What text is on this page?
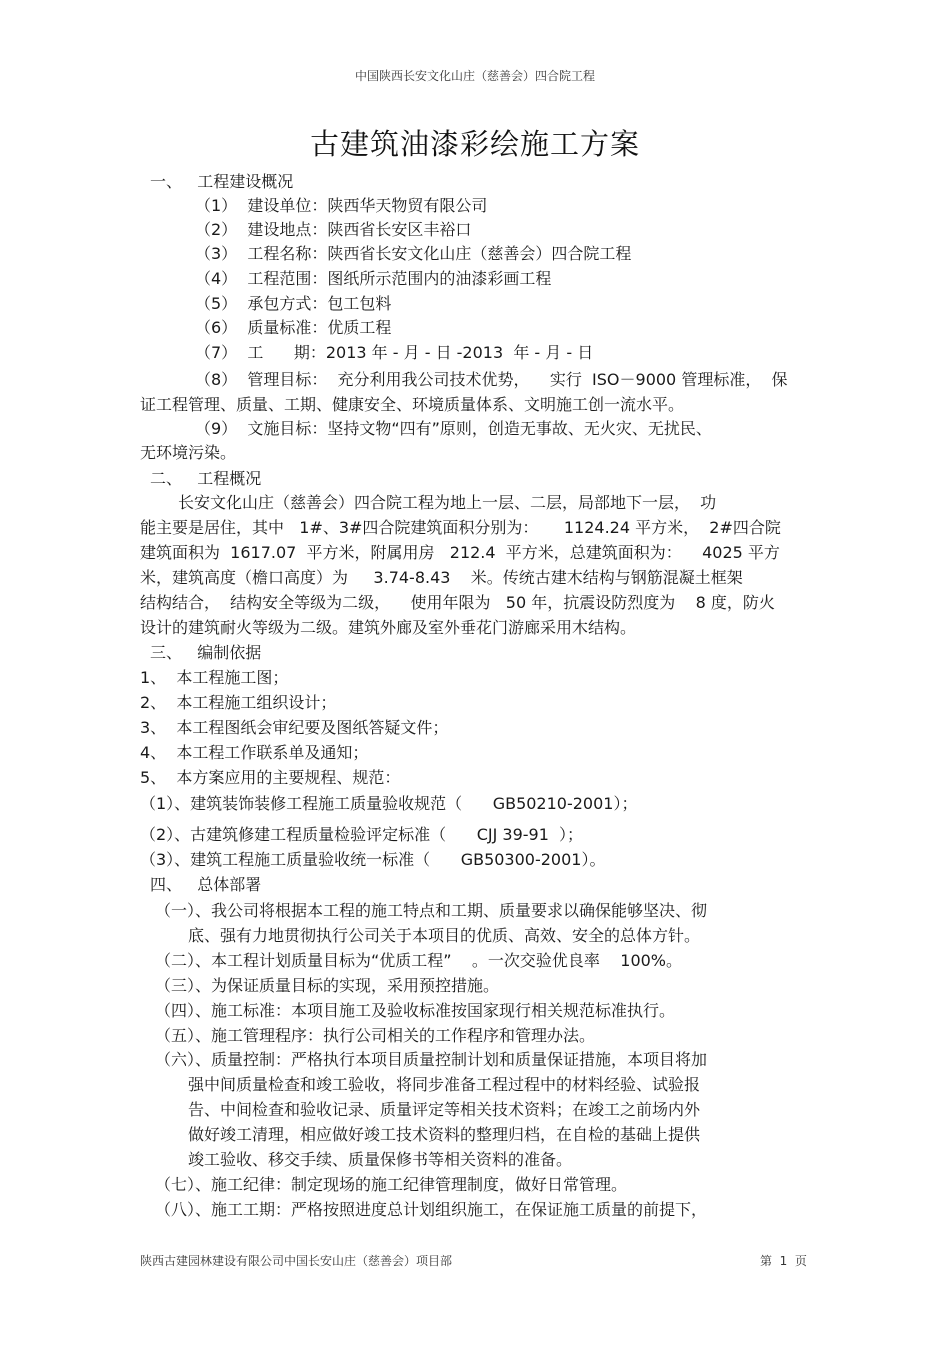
中国陕西长安文化山庄（慈善会）四合院工程
古建筑油漆彩绘施工方案
一、   工程建设概况
（1）  建设单位：陕西华天物贸有限公司
（2）  建设地点：陕西省长安区丰裕口
（3）  工程名称：陕西省长安文化山庄（慈善会）四合院工程
（4）  工程范围：图纸所示范围内的油漆彩画工程
（5）  承包方式：包工包料
（6）  质量标准：优质工程
（7）  工      期：2013 年 - 月 - 日 -2013  年 - 月 - 日
（8）  管理目标：  充分利用我公司技术优势，    实行  ISO－9000 管理标准，  保
证工程管理、质量、工期、健康安全、环境质量体系、文明施工创一流水平。
（9）  文施目标：坚持文物“四有”原则，创造无事故、无火灾、无扰民、
无环境污染。
二、   工程概况
长安文化山庄（慈善会）四合院工程为地上一层、二层，局部地下一层，  功
能主要是居住，其中   1#、3#四合院建筑面积分别为：     1124.24 平方米，  2#四合院
建筑面积为  1617.07  平方米，附属用房   212.4  平方米，总建筑面积为：    4025 平方
米，建筑高度（檐口高度）为     3.74-8.43    米。传统古建木结构与钢筋混凝土框架
结构结合，  结构安全等级为二级，    使用年限为   50 年，抗震设防烈度为    8 度，防火
设计的建筑耐火等级为二级。建筑外廊及室外垂花门游廊采用木结构。
三、   编制依据
1、  本工程施工图；
2、  本工程施工组织设计；
3、  本工程图纸会审纪要及图纸答疑文件；
4、  本工程工作联系单及通知；
5、  本方案应用的主要规程、规范：
（1）、建筑装饰装修工程施工质量验收规范（      GB50210-2001）；
（2）、古建筑修建工程质量检验评定标准（      CJJ 39-91  ）；
（3）、建筑工程施工质量验收统一标准（      GB50300-2001）。
四、   总体部署
（一）、我公司将根据本工程的施工特点和工期、质量要求以确保能够坚决、彻
底、强有力地贯彻执行公司关于本项目的优质、高效、安全的总体方针。
（二）、本工程计划质量目标为“优质工程”    。一次交验优良率    100%。
（三）、为保证质量目标的实现，采用预控措施。
（四）、施工标准：本项目施工及验收标准按国家现行相关规范标准执行。
（五）、施工管理程序：执行公司相关的工作程序和管理办法。
（六）、质量控制：严格执行本项目质量控制计划和质量保证措施，本项目将加
强中间质量检查和竣工验收，将同步准备工程过程中的材料经验、试验报
告、中间检查和验收记录、质量评定等相关技术资料；在竣工之前场内外
做好竣工清理，相应做好竣工技术资料的整理归档，在自检的基础上提供
竣工验收、移交手续、质量保修书等相关资料的准备。
（七）、施工纪律：制定现场的施工纪律管理制度，做好日常管理。
（八）、施工工期：严格按照进度总计划组织施工，在保证施工质量的前提下，
陕西古建园林建设有限公司中国长安山庄（慈善会）项目部	第  1  页
